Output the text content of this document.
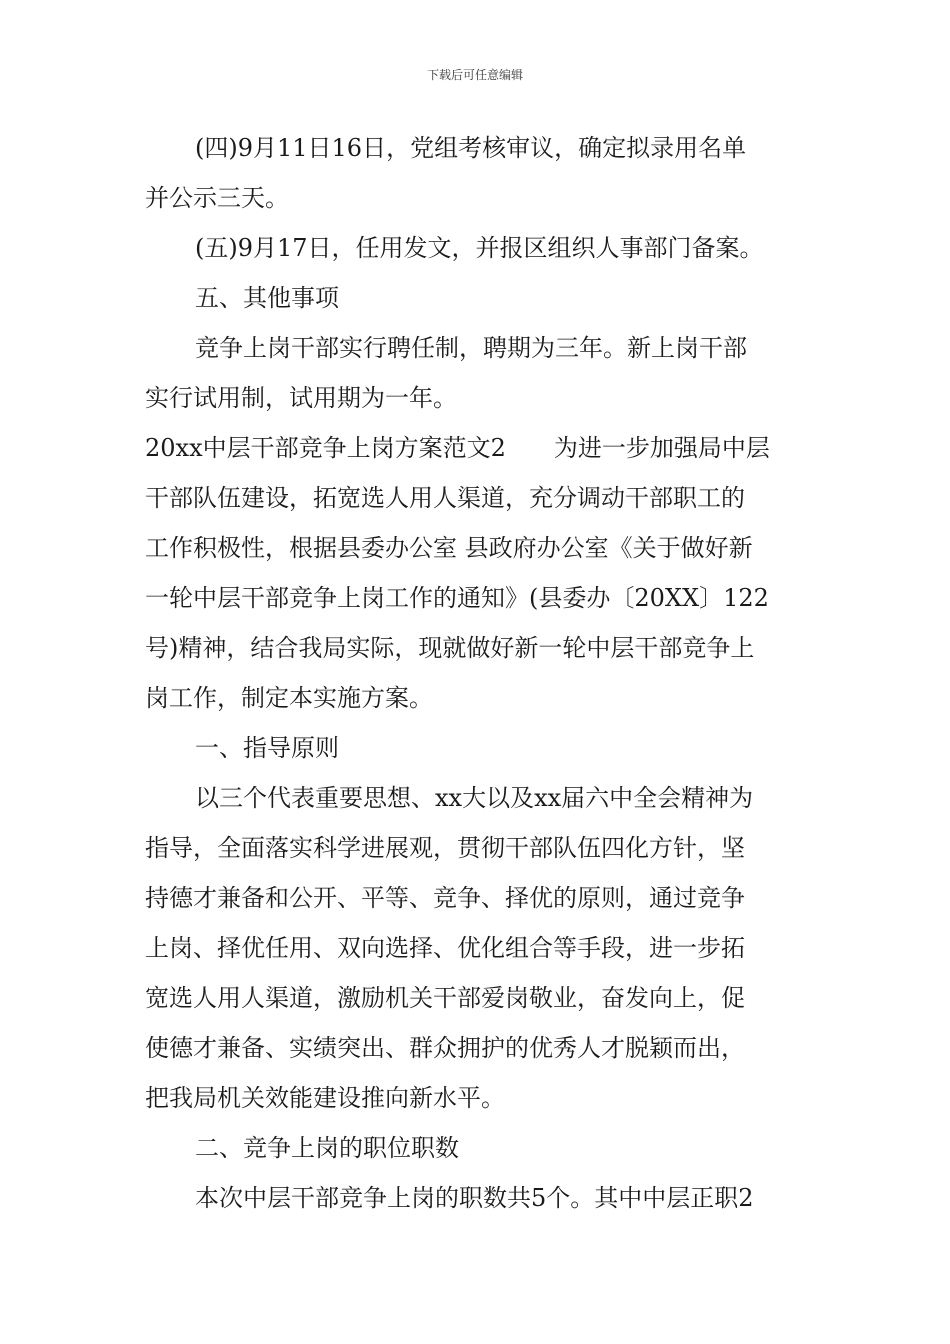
下载后可任意编辑
(四)9月11日16日，党组考核审议，确定拟录用名单
并公示三天。
(五)9月17日，任用发文，并报区组织人事部门备案。
五、其他事项
竞争上岗干部实行聘任制，聘期为三年。新上岗干部
实行试用制，试用期为一年。
20xx中层干部竞争上岗方案范文2　　为进一步加强局中层
干部队伍建设，拓宽选人用人渠道，充分调动干部职工的
工作积极性，根据县委办公室 县政府办公室《关于做好新
一轮中层干部竞争上岗工作的通知》(县委办〔20XX〕122
号)精神，结合我局实际，现就做好新一轮中层干部竞争上
岗工作，制定本实施方案。
一、指导原则
以三个代表重要思想、xx大以及xx届六中全会精神为
指导，全面落实科学进展观，贯彻干部队伍四化方针，坚
持德才兼备和公开、平等、竞争、择优的原则，通过竞争
上岗、择优任用、双向选择、优化组合等手段，进一步拓
宽选人用人渠道，激励机关干部爱岗敬业，奋发向上，促
使德才兼备、实绩突出、群众拥护的优秀人才脱颖而出，
把我局机关效能建设推向新水平。
二、竞争上岗的职位职数
本次中层干部竞争上岗的职数共5个。其中中层正职2
